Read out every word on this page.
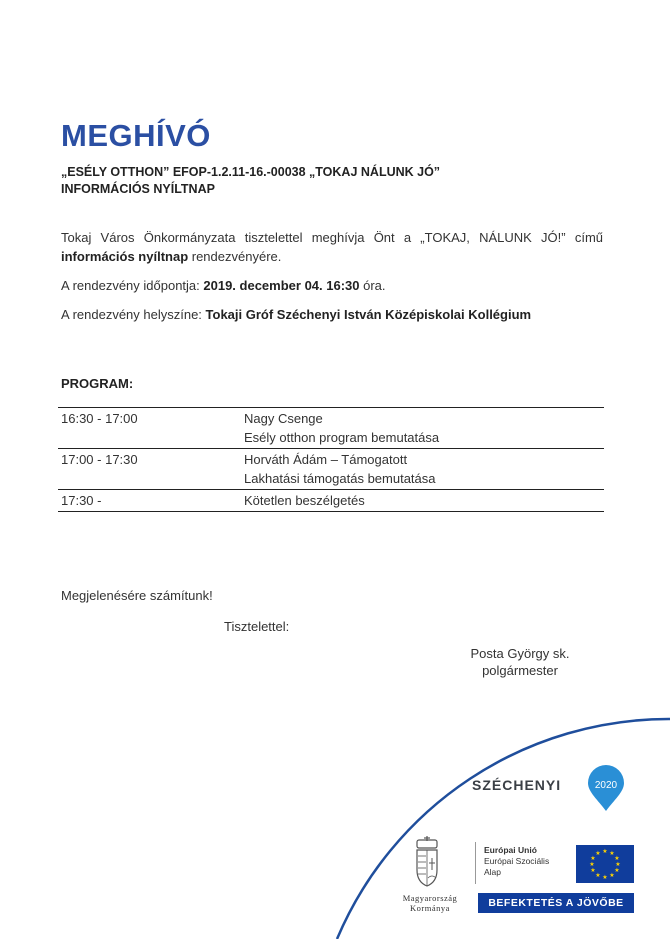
MEGHÍVÓ
„ESÉLY OTTHON” EFOP-1.2.11-16.-00038 „TOKAJ NÁLUNK JÓ”
INFORMÁCIÓS NYÍLTNAP
Tokaj Város Önkormányzata tisztelettel meghívja Önt a „TOKAJ, NÁLUNK JÓ!” című információs nyíltnap rendezvényére.
A rendezvény időpontja: 2019. december 04. 16:30 óra.
A rendezvény helyszíne: Tokaji Gróf Széchenyi István Középiskolai Kollégium
PROGRAM:
16:30 - 17:00	Nagy Csenge
Esély otthon program bemutatása

17:00 - 17:30	Horváth Ádám – Támogatott
Lakhatási támogatás bemutatása

17:30 -	Kötetlen beszélgetés
Megjelenésére számítunk!
Tisztelettel:
Posta György sk.
polgármester
SZÉCHENYI	2020
Magyarország
Kormánya
Európai Unió
Európai Szociális
Alap
★ ★
★
★
★
★
★
★
★
★
★
★
BEFEKTETÉS A JÖVŐBE
